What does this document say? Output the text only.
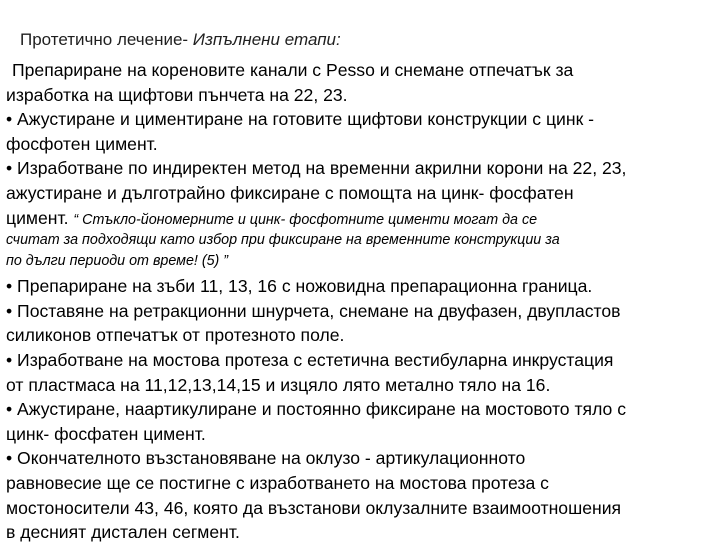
Протетично лечение- Изпълнени етапи:
Препариране на кореновите канали с Pesso и снемане отпечатък за
изработка на щифтови пънчета на 22, 23.
• Ажустиране и циментиране на готовите щифтови конструкции с цинк -
фосфотен цимент.
• Изработване по индиректен метод на временни акрилни корони на 22, 23,
ажустиране и дълготрайно фиксиране с помощта на цинк- фосфатен
цимент. “ Стъкло-йономерните и цинк- фосфотните цименти могат да се
считат за подходящи като избор при фиксиране на временните конструкции за
по дълги периоди от време! (5) ”
• Препариране на зъби 11, 13, 16 с ножовидна препарационна граница.
• Поставяне на ретракционни шнурчета, снемане на двуфазен, двупластов
силиконов отпечатък от протезното поле.
• Изработване на мостова протеза с естетична вестибуларна инкрустация
от пластмаса на 11,12,13,14,15 и изцяло лято метално тяло на 16.
• Ажустиране, наартикулиране и постоянно фиксиране на мостовото тяло с
цинк- фосфатен цимент.
• Окончателното възстановяване на оклузо - артикулационното
равновесие ще се постигне с изработването на мостова протеза с
мостоносители 43, 46, която да възстанови оклузалните взаимоотношения
в десният дистален сегмент.
